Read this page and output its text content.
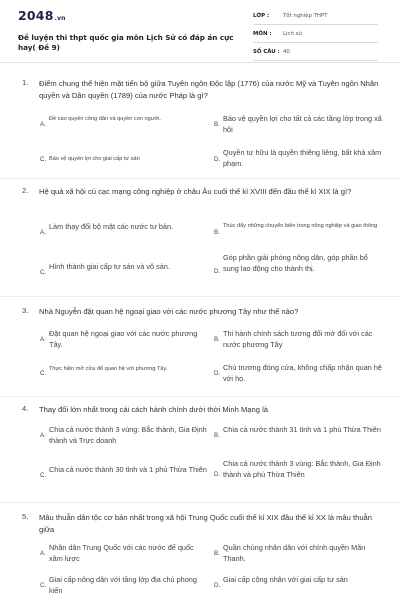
2048.vn
Đề luyện thi thpt quốc gia môn Lịch Sử có đáp án cực hay( Đề 9)
LỚP :	Tốt nghiệp THPT
MÔN : Lịch sử
SỐ CÂU : 40
1. Điểm chung thể hiện mặt tiến bộ giữa Tuyên ngôn Độc lập (1776) của nước Mỹ và Tuyên ngôn Nhân quyền và Dân quyền (1789) của nước Pháp là gì?
A.
Đề cao quyền công dân và quyền con người.
B.
Bảo vệ quyền lợi cho tất cả các tầng lớp trong xã hội
C. Bảo vệ quyền lợi cho giai cấp tư sản	D.
Quyền tư hữu là quyền thiêng liêng, bất khả xâm phạm.
2. Hệ quả xã hội cú cạc mạng công nghiệp ở châu Âu cuối thế kỉ XVIII đến đầu thế kỉ XIX là gì?
A.
Làm thay đổi bộ mặt các nước tư bản.
B.
Thúc đẩy những chuyển biến trong nông nghiệp và giao thông
C.
Hình thành giai cấp tư sản và vô sản.
D.
Góp phần giải phóng nông dân, góp phần bổ sung lao động cho thành thị.
3. Nhà Nguyễn đặt quan hệ ngoại giao với các nước phương Tây như thế nào?
A.
Đặt quan hệ ngoại giao với các nước phương Tây.	B.
Thi hành chính sách tương đối mở đối với các nước phương Tây
C.
Thực hiện mở cửa để quan hệ với phương Tây.
D.
Chủ trương đóng cửa, không chấp nhận quan hệ với họ.
4. Thay đổi lớn nhất trong cải cách hành chính dưới thời Minh Mạng là
A.
Chia cả nước thành 3 vùng: Bắc thành, Gia Định thành và Trực doanh	B.
Chia cả nước thành 31 tỉnh và 1 phủ Thừa Thiên
C.
Chia cả nước thành 30 tỉnh và 1 phủ Thừa Thiên
D.
Chia cả nước thành 3 vùng: Bắc thành, Gia Định thành và phủ Thừa Thiên
5. Mâu thuẫn dân tộc cơ bản nhất trong xã hội Trung Quốc cuối thế kỉ XIX đầu thế kỉ XX là mâu thuẫn giữa
A.
Nhân dân Trung Quốc với các nước đế quốc xâm lược	B.
Quần chúng nhân dân với chính quyền Mãn Thanh.
C.
Giai cấp nông dân với tầng lớp địa chủ phong kiến	D.
Giai cấp công nhân với giai cấp tư sản
